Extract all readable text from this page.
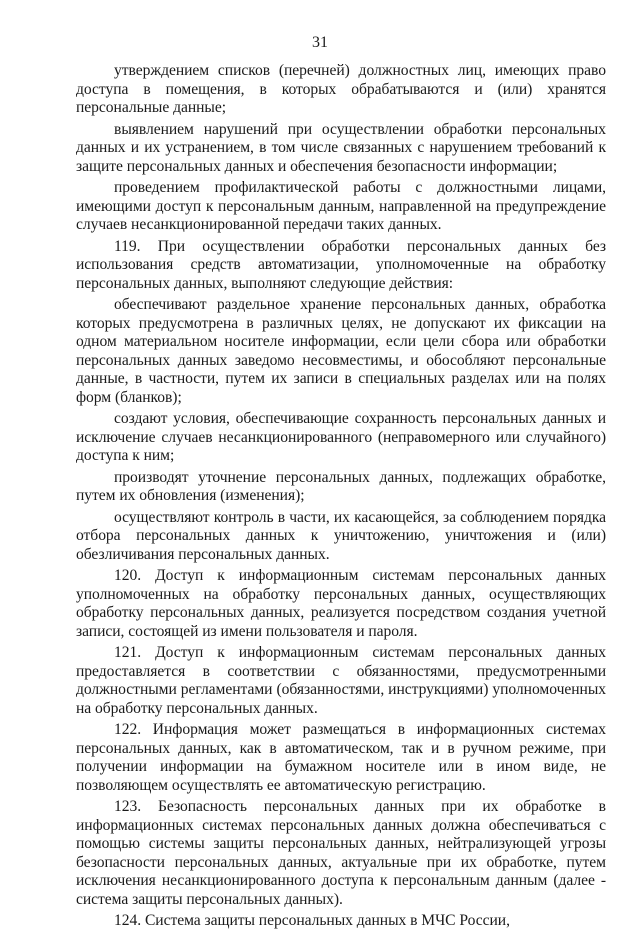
31

утверждением списков (перечней) должностных лиц, имеющих право доступа в помещения, в которых обрабатываются и (или) хранятся персональные данные;

выявлением нарушений при осуществлении обработки персональных данных и их устранением, в том числе связанных с нарушением требований к защите персональных данных и обеспечения безопасности информации;

проведением профилактической работы с должностными лицами, имеющими доступ к персональным данным, направленной на предупреждение случаев несанкционированной передачи таких данных.

119. При осуществлении обработки персональных данных без использования средств автоматизации, уполномоченные на обработку персональных данных, выполняют следующие действия:

обеспечивают раздельное хранение персональных данных, обработка которых предусмотрена в различных целях, не допускают их фиксации на одном материальном носителе информации, если цели сбора или обработки персональных данных заведомо несовместимы, и обособляют персональные данные, в частности, путем их записи в специальных разделах или на полях форм (бланков);

создают условия, обеспечивающие сохранность персональных данных и исключение случаев несанкционированного (неправомерного или случайного) доступа к ним;

производят уточнение персональных данных, подлежащих обработке, путем их обновления (изменения);

осуществляют контроль в части, их касающейся, за соблюдением порядка отбора персональных данных к уничтожению, уничтожения и (или) обезличивания персональных данных.

120. Доступ к информационным системам персональных данных уполномоченных на обработку персональных данных, осуществляющих обработку персональных данных, реализуется посредством создания учетной записи, состоящей из имени пользователя и пароля.

121. Доступ к информационным системам персональных данных предоставляется в соответствии с обязанностями, предусмотренными должностными регламентами (обязанностями, инструкциями) уполномоченных на обработку персональных данных.

122. Информация может размещаться в информационных системах персональных данных, как в автоматическом, так и в ручном режиме, при получении информации на бумажном носителе или в ином виде, не позволяющем осуществлять ее автоматическую регистрацию.

123. Безопасность персональных данных при их обработке в информационных системах персональных данных должна обеспечиваться с помощью системы защиты персональных данных, нейтрализующей угрозы безопасности персональных данных, актуальные при их обработке, путем исключения несанкционированного доступа к персональным данным (далее - система защиты персональных данных).

124. Система защиты персональных данных в МЧС России,
